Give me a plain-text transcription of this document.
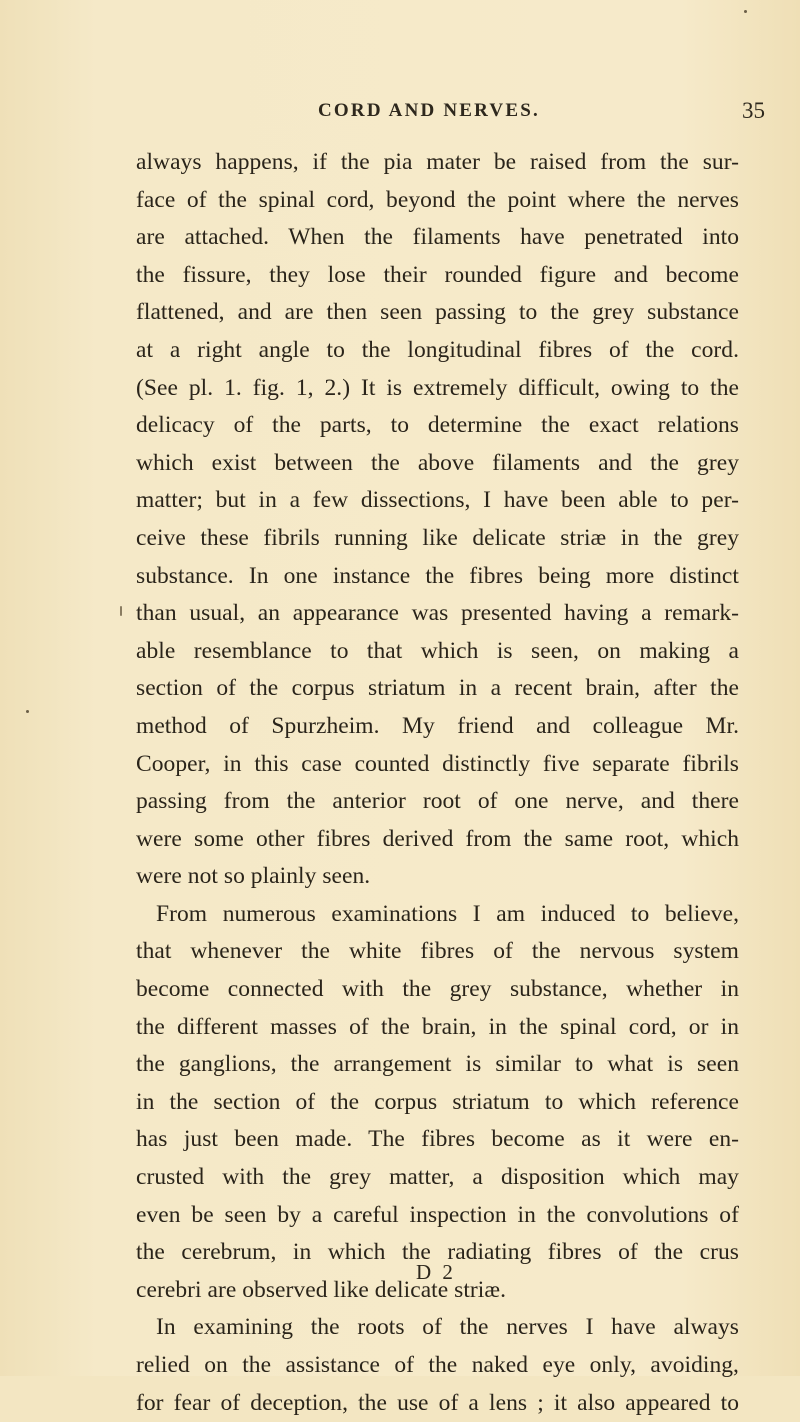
CORD AND NERVES.	35
always happens, if the pia mater be raised from the sur-
face of the spinal cord, beyond the point where the nerves
are attached. When the filaments have penetrated into
the fissure, they lose their rounded figure and become
flattened, and are then seen passing to the grey substance
at a right angle to the longitudinal fibres of the cord.
(See pl. 1. fig. 1, 2.) It is extremely difficult, owing to the
delicacy of the parts, to determine the exact relations
which exist between the above filaments and the grey
matter; but in a few dissections, I have been able to per-
ceive these fibrils running like delicate striæ in the grey
substance. In one instance the fibres being more distinct
than usual, an appearance was presented having a remark-
able resemblance to that which is seen, on making a
section of the corpus striatum in a recent brain, after the
method of Spurzheim. My friend and colleague Mr.
Cooper, in this case counted distinctly five separate fibrils
passing from the anterior root of one nerve, and there
were some other fibres derived from the same root, which
were not so plainly seen.
From numerous examinations I am induced to believe,
that whenever the white fibres of the nervous system
become connected with the grey substance, whether in
the different masses of the brain, in the spinal cord, or in
the ganglions, the arrangement is similar to what is seen
in the section of the corpus striatum to which reference
has just been made. The fibres become as it were en-
crusted with the grey matter, a disposition which may
even be seen by a careful inspection in the convolutions of
the cerebrum, in which the radiating fibres of the crus
cerebri are observed like delicate striæ.
In examining the roots of the nerves I have always
relied on the assistance of the naked eye only, avoiding,
for fear of deception, the use of a lens ; it also appeared to
D 2
